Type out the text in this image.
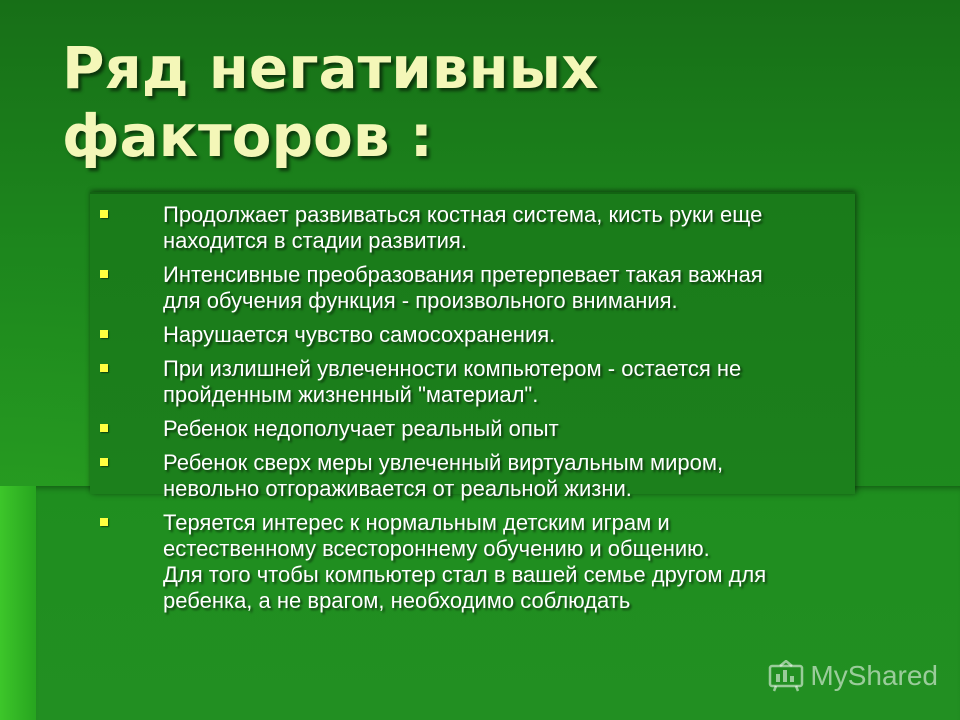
Ряд негативных
факторов :
Продолжает развиваться костная система, кисть руки еще
находится в стадии развития.
Интенсивные преобразования претерпевает такая важная
для обучения функция - произвольного внимания.
Нарушается чувство самосохранения.
При излишней увлеченности компьютером - остается не
пройденным жизненный "материал".
Ребенок недополучает реальный опыт
Ребенок сверх меры увлеченный виртуальным миром,
невольно отгораживается от реальной жизни.
Теряется интерес к нормальным детским играм и
естественному всестороннему обучению и общению.
Для того чтобы компьютер стал в вашей семье другом для
ребенка, а не врагом, необходимо соблюдать
MyShared
